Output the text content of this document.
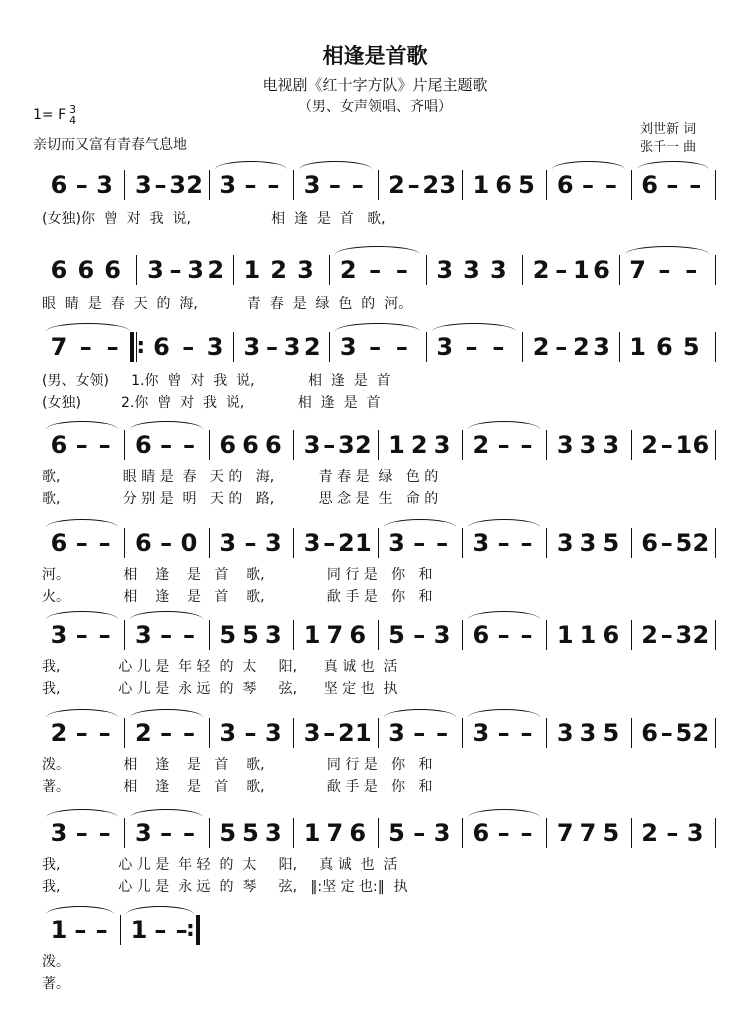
相逢是首歌
电视剧《红十字方队》片尾主题歌
（男、女声领唱、齐唱）
1= F 3
4
亲切而又富有青春气息地
刘世新 词
张千一 曲
6 – 3 3 – 3 2 3 – – 3 – – 2 – 2 3 1 6 5 6 – – 6 – –
(女独)你  曾  对  我  说,                  相  逢  是  首   歌,
6 6 6 3 – 3 2 1 2 3 2 – – 3 3 3 2 – 1 6 7 – –
眼  睛  是  春  天  的  海,           青  春  是  绿  色  的  河。
7 – – : 6 – 3 3 – 3 2 3 – – 3 – – 2 – 2 3 1 6 5
(男、女领)     1.你  曾  对  我  说,            相  逢  是  首
(女独)         2.你  曾  对  我  说,            相  逢  是  首
6 – – 6 – – 6 6 6 3 – 3 2 1 2 3 2 – – 3 3 3 2 – 1 6
歌,              眼 睛 是  春   天 的   海,          青 春 是  绿   色 的
歌,              分 别 是  明   天 的   路,          思 念 是  生   命 的
6 – – 6 – 0 3 – 3 3 – 2 1 3 – – 3 – – 3 3 5 6 – 5 2
河。            相    逢    是   首    歌,              同 行 是   你   和
火。            相    逢    是   首    歌,              歃 手 是   你   和
3 – – 3 – – 5 5 3 1 7 6 5 – 3 6 – – 1 1 6 2 – 3 2
我,             心 儿 是  年 轻  的  太     阳,      真 诚 也  活
我,             心 儿 是  永 远  的  琴     弦,      坚 定 也  执
2 – – 2 – – 3 – 3 3 – 2 1 3 – – 3 – – 3 3 5 6 – 5 2
泼。            相    逢    是   首    歌,              同 行 是   你   和
著。            相    逢    是   首    歌,              歃 手 是   你   和
3 – – 3 – – 5 5 3 1 7 6 5 – 3 6 – – 7 7 5 2 – 3
我,             心 儿 是  年 轻  的  太     阳,     真 诚  也  活
我,             心 儿 是  永 远  的  琴     弦,   ‖:坚 定 也:‖  执
1 – – 1 – –
:
泼。
著。
